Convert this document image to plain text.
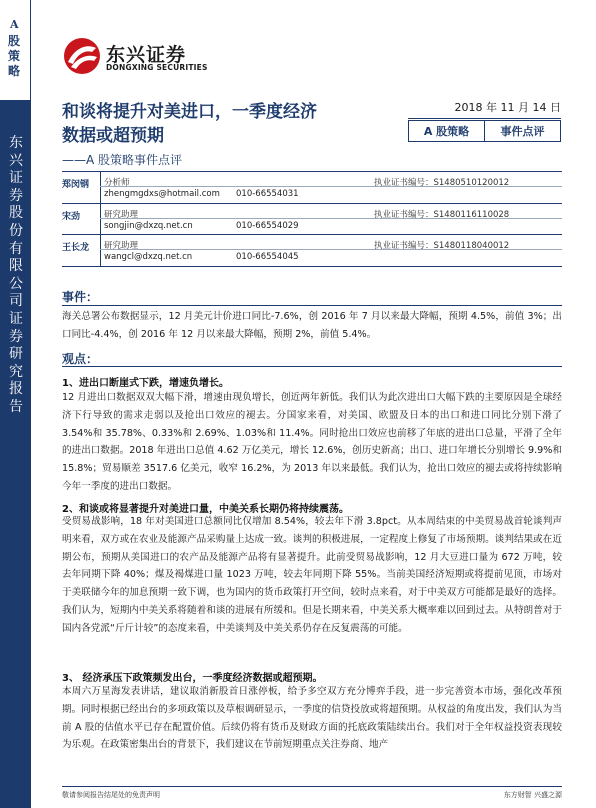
A
股策略
东兴证券股份有限公司证券研究报告
东兴证券
DONGXING SECURITIES
和谈将提升对美进口，一季度经济
数据或超预期
——A 股策略事件点评
2018 年 11 月 14 日
A 股策略	事件点评
郑闵钢	分析师	执业证书编号：S1480510120012
zhengmgdxs@hotmail.com 010-66554031
宋劲	研究助理	执业证书编号：S1480116110028
songjin@dxzq.net.cn	010-66554029
王长龙	研究助理	执业证书编号：S1480118040012
wangcl@dxzq.net.cn	010-66554045
事件：
海关总署公布数据显示，12 月美元计价进口同比-7.6%，创 2016 年 7 月以来最大降幅，预期 4.5%，前值 3%；出口同比-4.4%，创 2016 年 12 月以来最大降幅，预期 2%，前值 5.4%。
观点：
1、进出口断崖式下跌，增速负增长。
12 月进出口数据双双大幅下滑，增速由现负增长，创近两年新低。我们认为此次进出口大幅下跌的主要原因是全球经济下行导致的需求走弱以及抢出口效应的褪去。分国家来看，对美国、欧盟及日本的出口和进口同比分别下滑了 3.54%和 35.78%、0.33%和 2.69%、1.03%和 11.4%。同时抢出口效应也前移了年底的进出口总量，平滑了全年的进出口数据。2018 年进出口总值 4.62 万亿美元，增长 12.6%，创历史新高；出口、进口年增长分别增长 9.9%和 15.8%；贸易顺差 3517.6 亿美元，收窄 16.2%，为 2013 年以来最低。我们认为，抢出口效应的褪去或将持续影响今年一季度的进出口数据。
2、和谈或将显著提升对美进口量，中美关系长期仍将持续震荡。
受贸易战影响，18 年对美国进口总额同比仅增加 8.54%，较去年下滑 3.8pct。从本周结束的中美贸易战首轮谈判声明来看，双方或在农业及能源产品采购量上达成一致。谈判的积极进展，一定程度上修复了市场预期。谈判结果或在近期公布，预期从美国进口的农产品及能源产品将有显著提升。此前受贸易战影响，12 月大豆进口量为 672 万吨，较去年同期下降 40%；煤及褐煤进口量 1023 万吨，较去年同期下降 55%。当前美国经济短期或将提前见顶，市场对于美联储今年的加息预期一致下调，也为国内的货币政策打开空间，较时点来看，对于中美双方可能都是最好的选择。我们认为，短期内中美关系将随着和谈的进展有所缓和。但是长期来看，中美关系大概率难以回到过去。从特朗普对于国内各党派“斤斤计较”的态度来看，中美谈判及中美关系仍存在反复震荡的可能。
3、 经济承压下政策频发出台，一季度经济数据或超预期。
本周六万星海发表讲话，建议取消新股首日涨停板，给予多空双方充分博弈手段，进一步完善资本市场，强化改革预期。同时根据已经出台的多项政策以及草根调研显示，一季度的信贷投放或将超预期。从权益的角度出发，我们认为当前 A 股的估值水平已存在配置价值。后续仍将有货币及财政方面的托底政策陆续出台。我们对于全年权益投资表现较为乐观。在政策密集出台的背景下，我们建议在节前短期重点关注券商、地产
敬请参阅报告结尾处的免责声明	东方财智 兴盛之源
